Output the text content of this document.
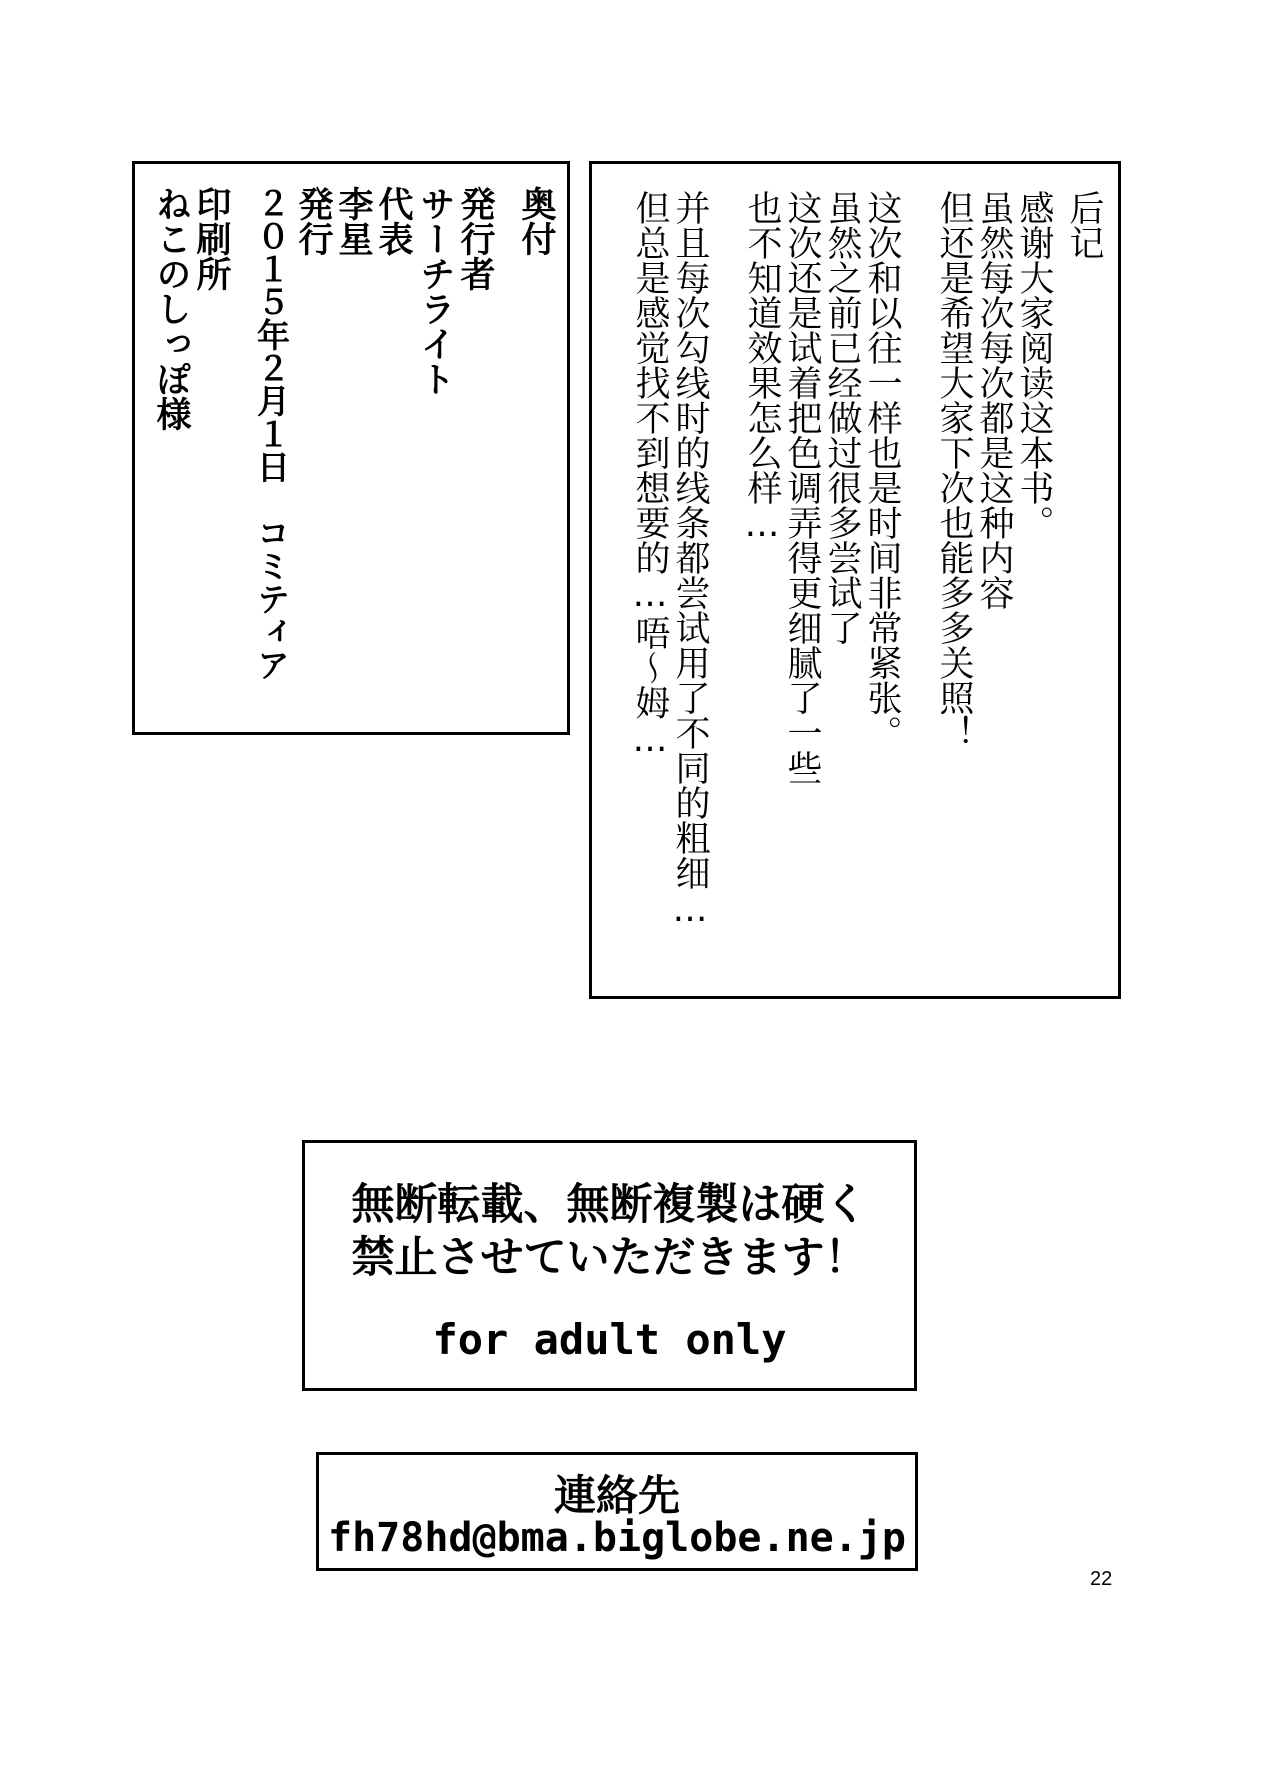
奥付
発行者
サーチライト
代表
李星
発行
２０１５年２月１日　コミティア
印刷所
ねこのしっぽ様	后记
感谢大家阅读这本书。
虽然每次每次都是这种内容
但还是希望大家下次也能多多关照！
这次和以往一样也是时间非常紧张。
虽然之前已经做过很多尝试了
这次还是试着把色调弄得更细腻了一些
也不知道效果怎么样…
并且每次勾线时的线条都尝试用了不同的粗细…
但总是感觉找不到想要的…唔～姆…
無断転載、無断複製は硬く
禁止させていただきます！
for adult only
連絡先
fh78hd@bma.biglobe.ne.jp
22
